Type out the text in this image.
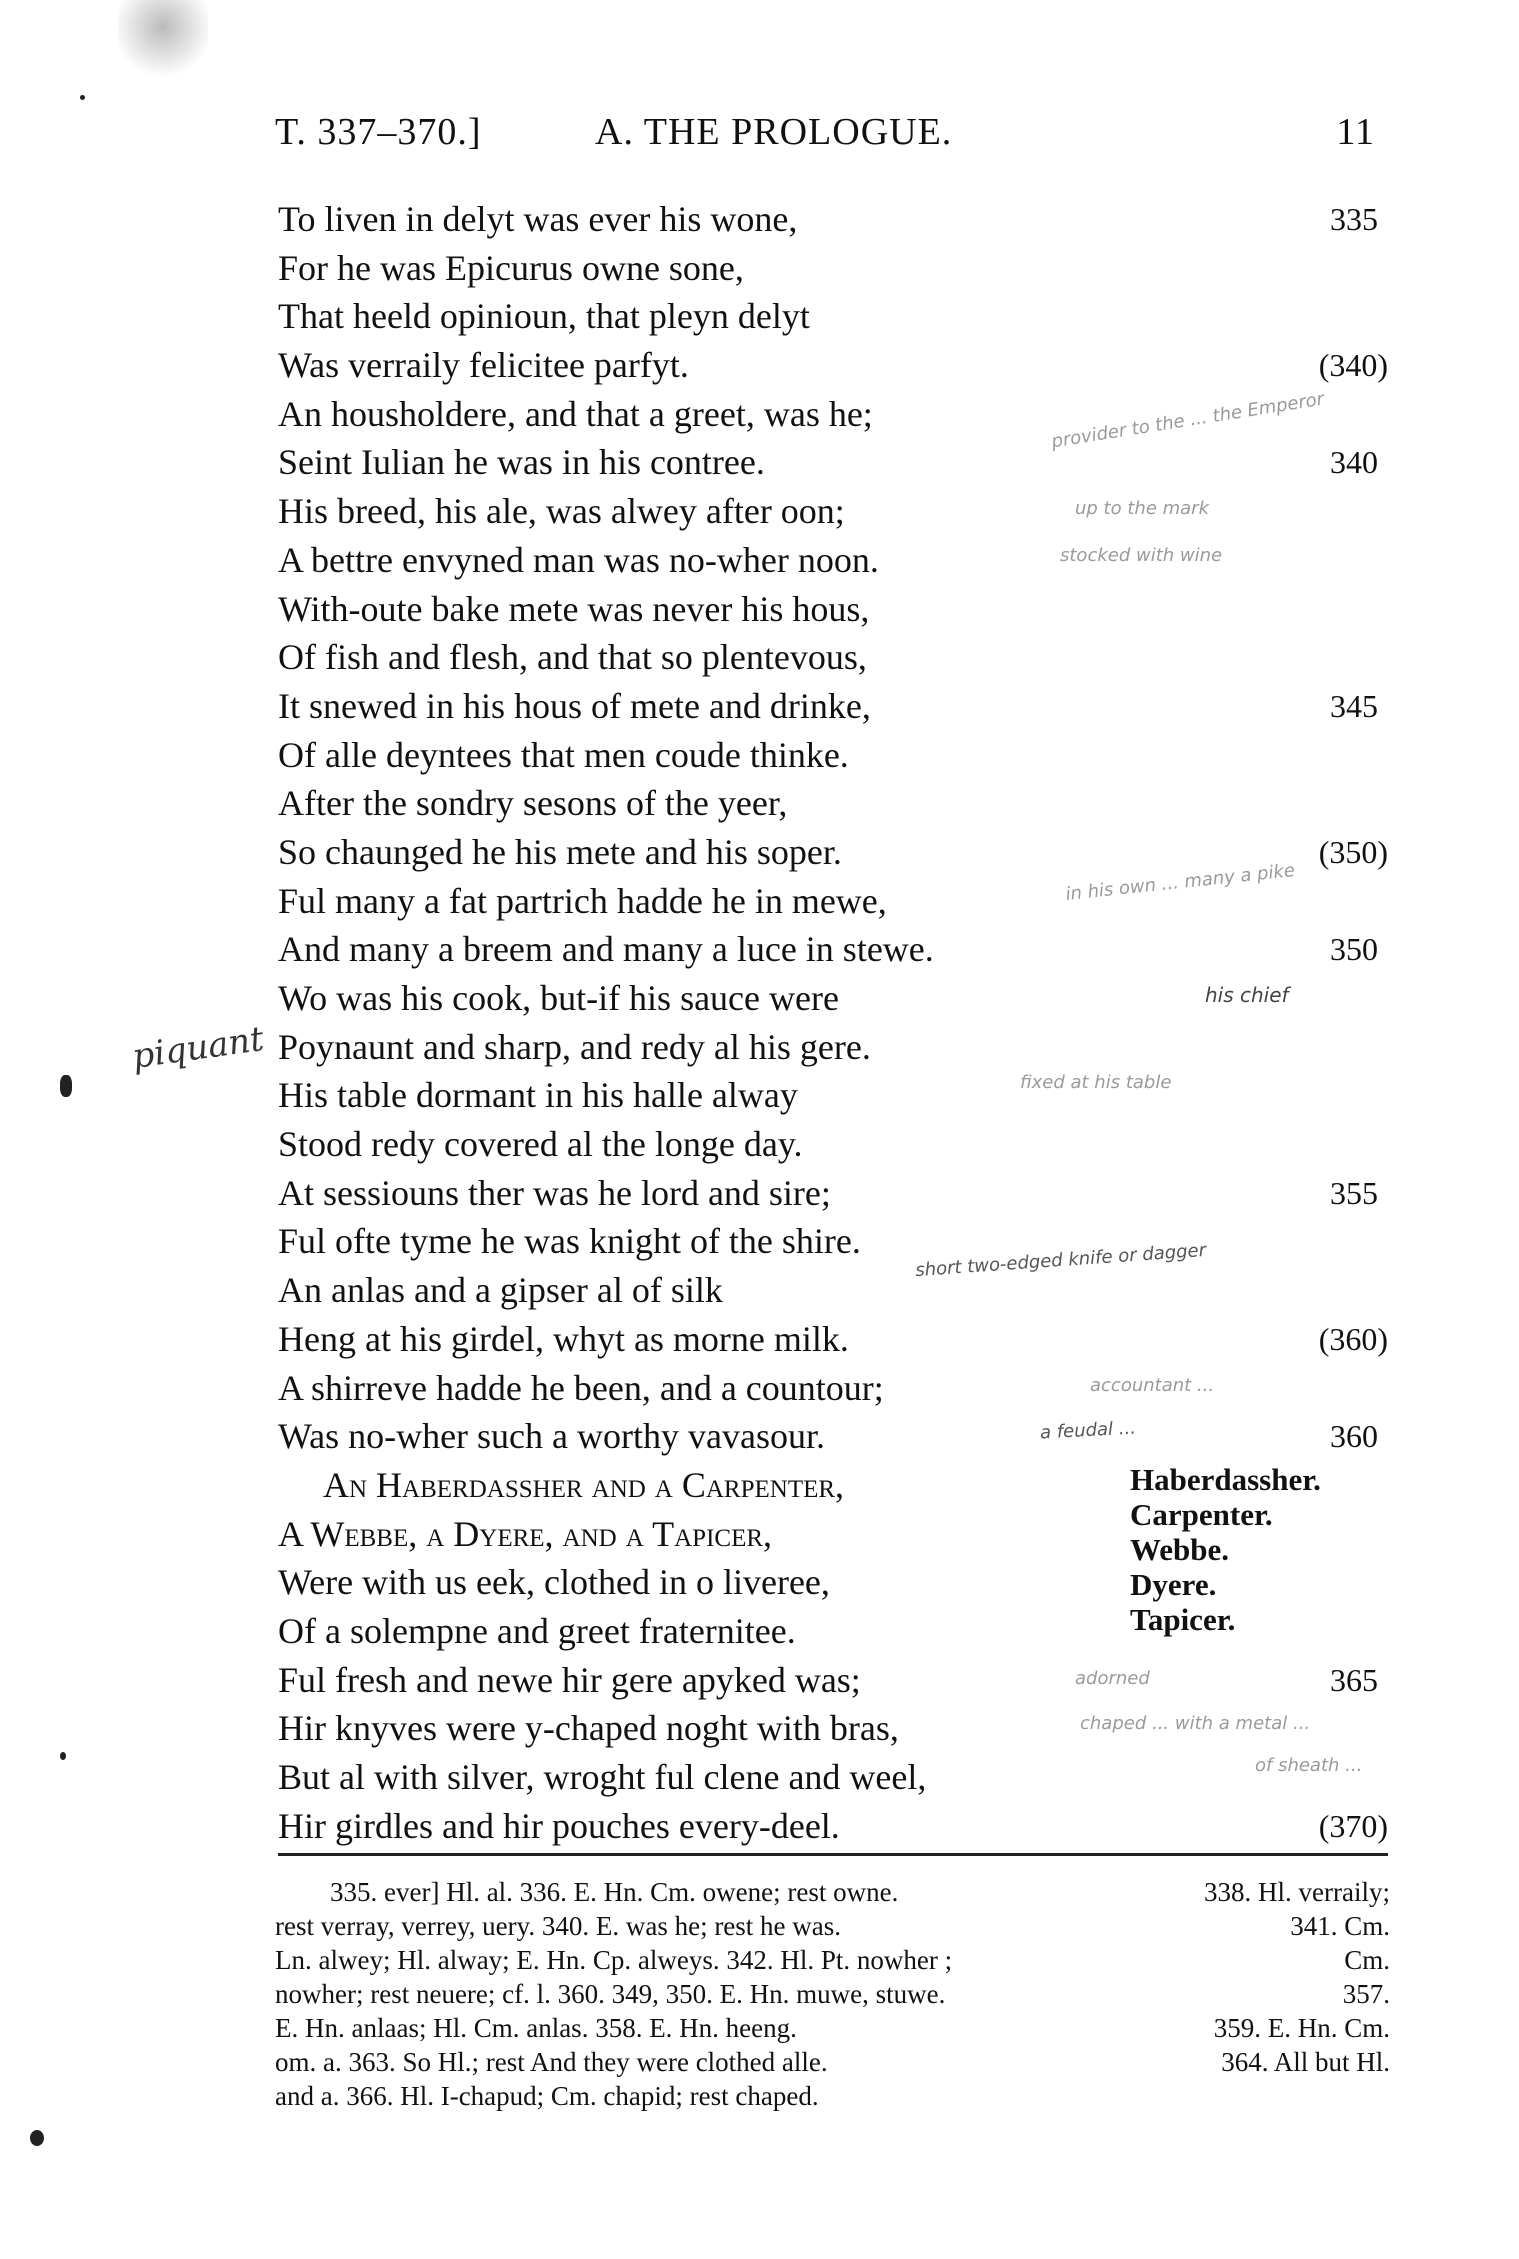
T. 337–370.]	A. THE PROLOGUE.	11
To liven in delyt was ever his wone,	335
For he was Epicurus owne sone,
That heeld opinioun, that pleyn delyt
Was verraily felicitee parfyt.	(340)
An housholdere, and that a greet, was he;
Seint Iulian he was in his contree.	340
His breed, his ale, was alwey after oon;
A bettre envyned man was no-wher noon.
With-oute bake mete was never his hous,
Of fish and flesh, and that so plentevous,
It snewed in his hous of mete and drinke,	345
Of alle deyntees that men coude thinke.
After the sondry sesons of the yeer,
So chaunged he his mete and his soper.	(350)
Ful many a fat partrich hadde he in mewe,
And many a breem and many a luce in stewe.	350
Wo was his cook, but-if his sauce were
Poynaunt and sharp, and redy al his gere.
His table dormant in his halle alway
Stood redy covered al the longe day.
At sessiouns ther was he lord and sire;	355
Ful ofte tyme he was knight of the shire.
An anlas and a gipser al of silk
Heng at his girdel, whyt as morne milk.	(360)
A shirreve hadde he been, and a countour;
Was no-wher such a worthy vavasour.	360
An Haberdassher and a Carpenter,
A Webbe, a Dyere, and a Tapicer,
Were with us eek, clothed in o liveree,
Of a solempne and greet fraternitee.
Ful fresh and newe hir gere apyked was;	365
Hir knyves were y-chaped noght with bras,
But al with silver, wroght ful clene and weel,
Hir girdles and hir pouches every-deel.	(370)
Haberdassher.
Carpenter.
Webbe.
Dyere.
Tapicer.
335. ever] Hl. al. 336. E. Hn. Cm. owene; rest owne.	338. Hl. verraily;
rest verray, verrey, uery. 340. E. was he; rest he was.	341. Cm.
Ln. alwey; Hl. alway; E. Hn. Cp. alweys. 342. Hl. Pt. nowher ;	Cm.
nowher; rest neuere; cf. l. 360. 349, 350. E. Hn. muwe, stuwe.	357.
E. Hn. anlaas; Hl. Cm. anlas. 358. E. Hn. heeng.	359. E. Hn. Cm.
om. a. 363. So Hl.; rest And they were clothed alle.	364. All but Hl.
and a. 366. Hl. I-chapud; Cm. chapid; rest chaped.
piquant
provider to the ... the Emperor
up to the mark
stocked with wine
in his own ... many a pike
his chief
fixed at his table
short two-edged knife or dagger
accountant ...
a feudal ...
adorned
chaped ... with a metal ...
of sheath ...
